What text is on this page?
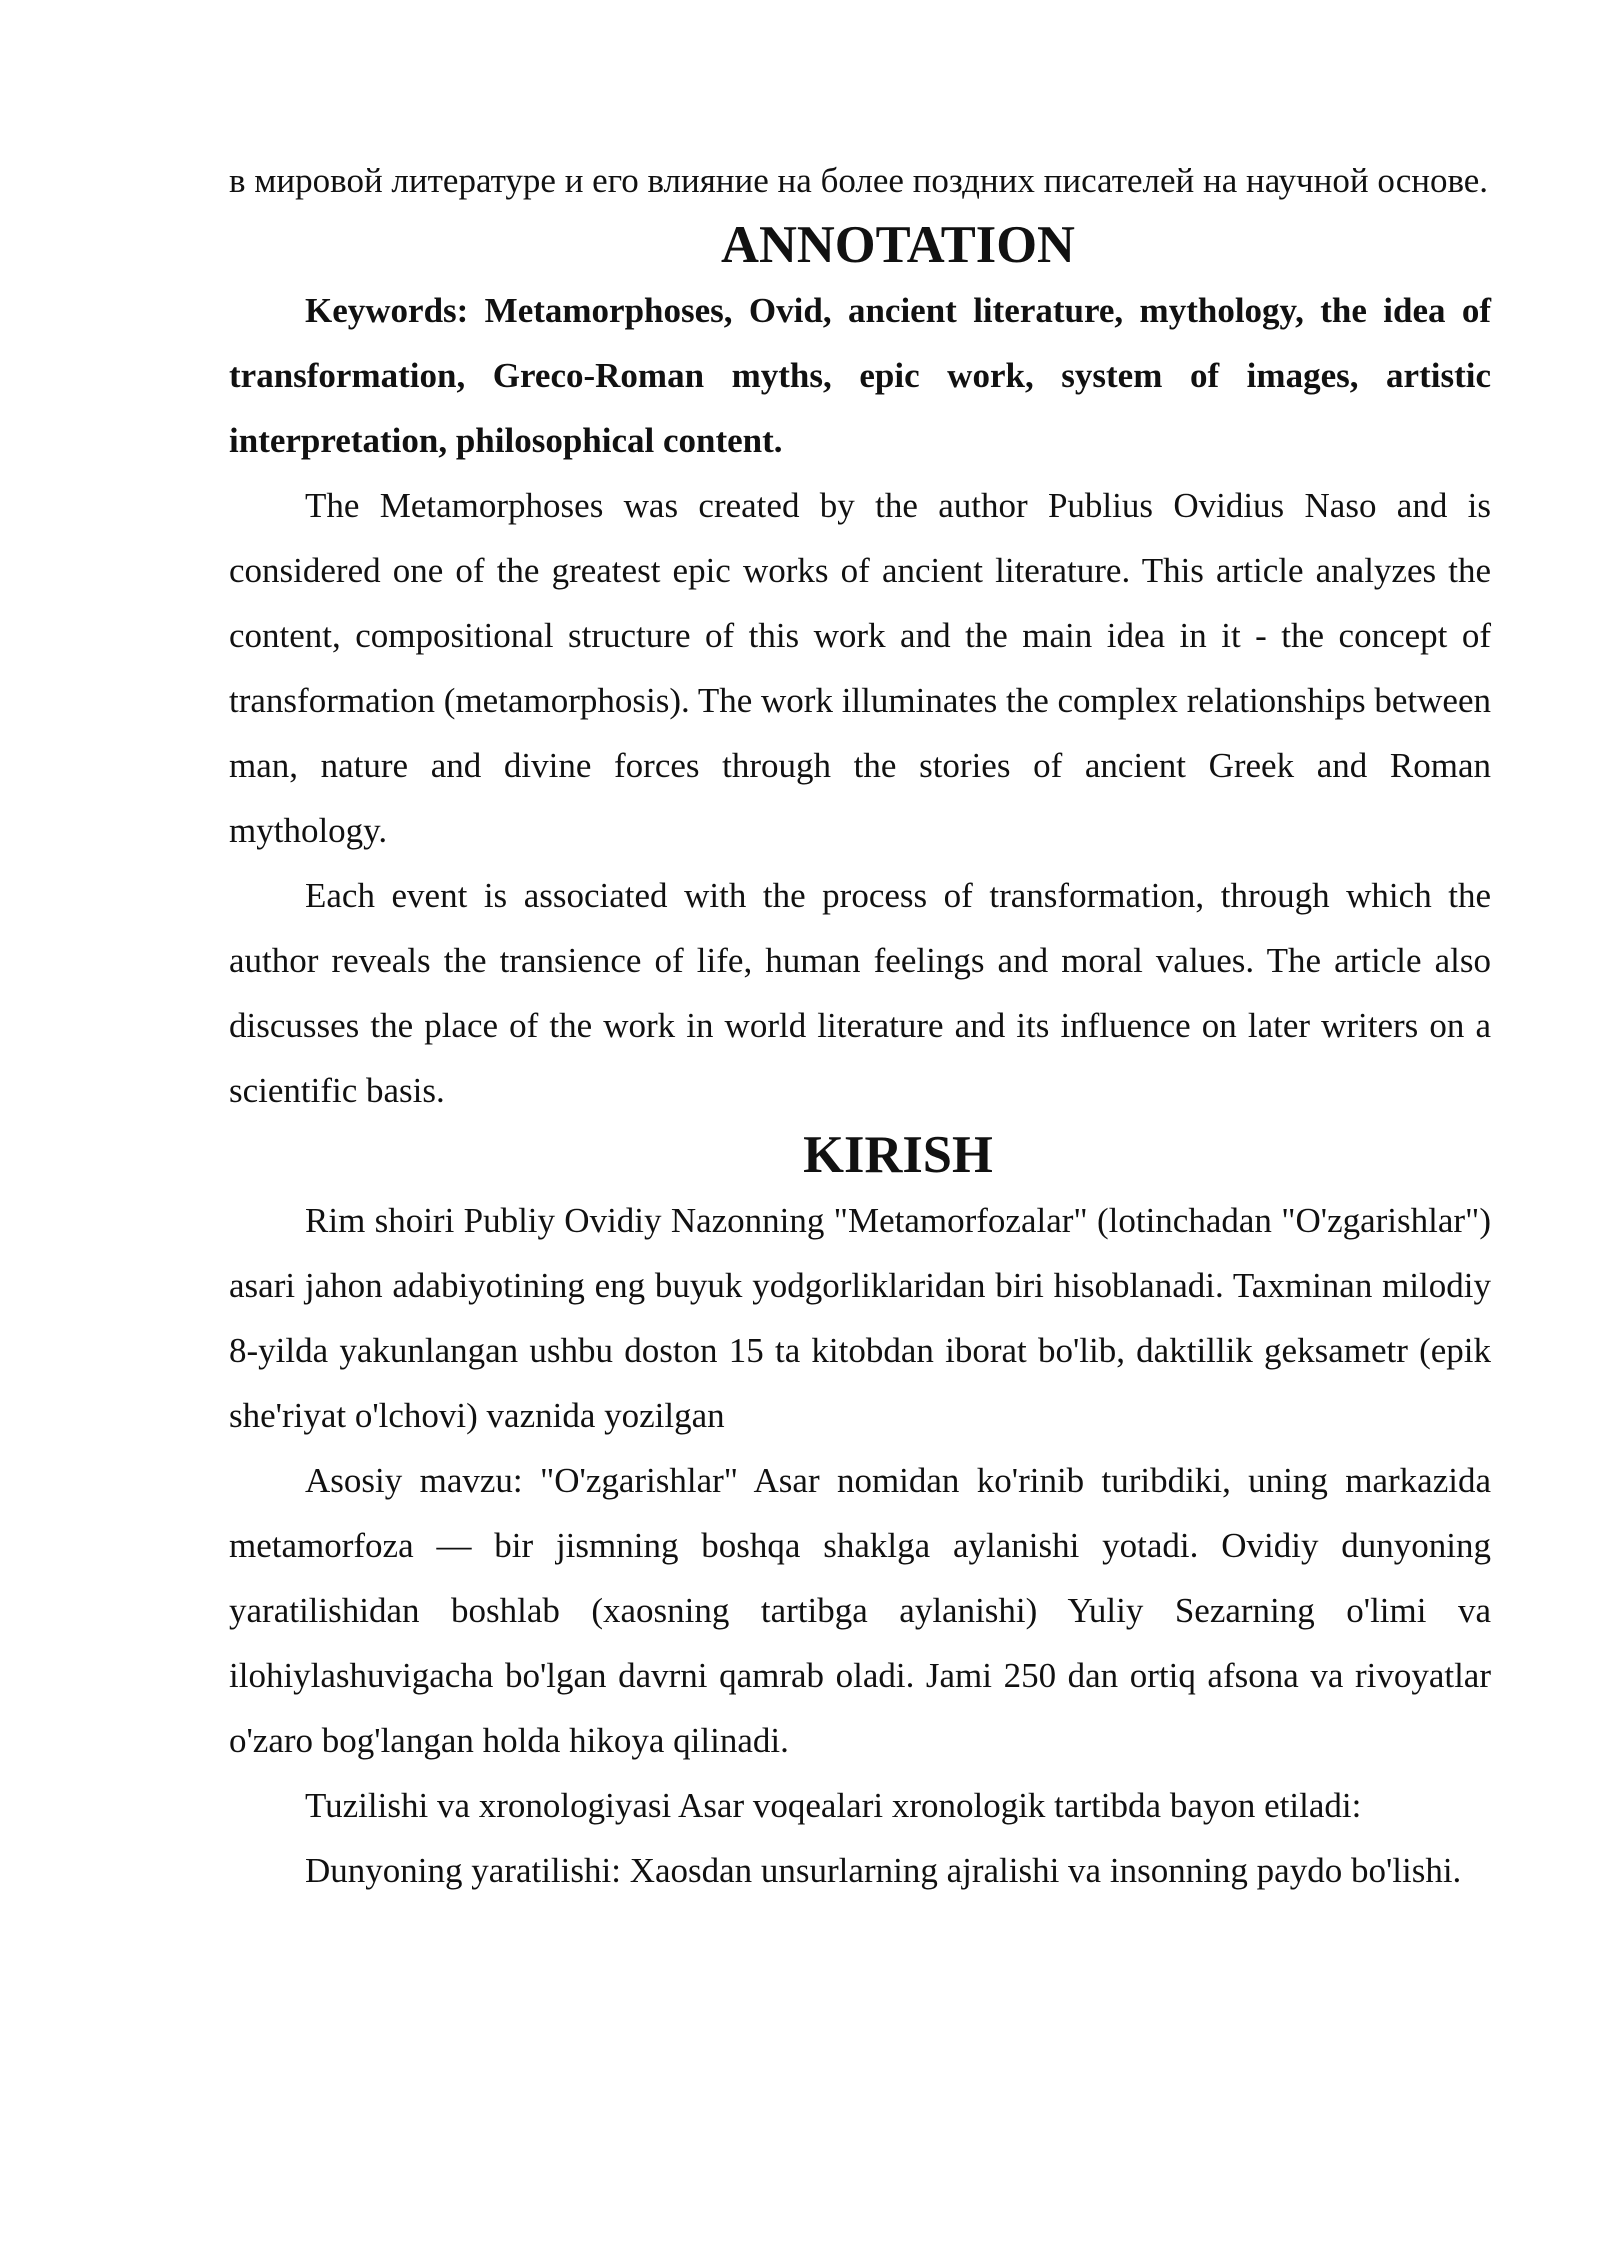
в мировой литературе и его влияние на более поздних писателей на научной основе.

ANNOTATION

Keywords: Metamorphoses, Ovid, ancient literature, mythology, the idea of transformation, Greco-Roman myths, epic work, system of images, artistic interpretation, philosophical content.

The Metamorphoses was created by the author Publius Ovidius Naso and is considered one of the greatest epic works of ancient literature. This article analyzes the content, compositional structure of this work and the main idea in it - the concept of transformation (metamorphosis). The work illuminates the complex relationships between man, nature and divine forces through the stories of ancient Greek and Roman mythology.

Each event is associated with the process of transformation, through which the author reveals the transience of life, human feelings and moral values. The article also discusses the place of the work in world literature and its influence on later writers on a scientific basis.

KIRISH

Rim shoiri Publiy Ovidiy Nazonning "Metamorfozalar" (lotinchadan "O'zgarishlar") asari jahon adabiyotining eng buyuk yodgorliklaridan biri hisoblanadi. Taxminan milodiy 8-yilda yakunlangan ushbu doston 15 ta kitobdan iborat bo'lib, daktillik geksametr (epik she'riyat o'lchovi) vaznida yozilgan

Asosiy mavzu: "O'zgarishlar" Asar nomidan ko'rinib turibdiki, uning markazida metamorfoza — bir jismning boshqa shaklga aylanishi yotadi. Ovidiy dunyoning yaratilishidan boshlab (xaosning tartibga aylanishi) Yuliy Sezarning o'limi va ilohiylashuvigacha bo'lgan davrni qamrab oladi. Jami 250 dan ortiq afsona va rivoyatlar o'zaro bog'langan holda hikoya qilinadi.

Tuzilishi va xronologiyasi Asar voqealari xronologik tartibda bayon etiladi:

Dunyoning yaratilishi: Xaosdan unsurlarning ajralishi va insonning paydo bo'lishi.
